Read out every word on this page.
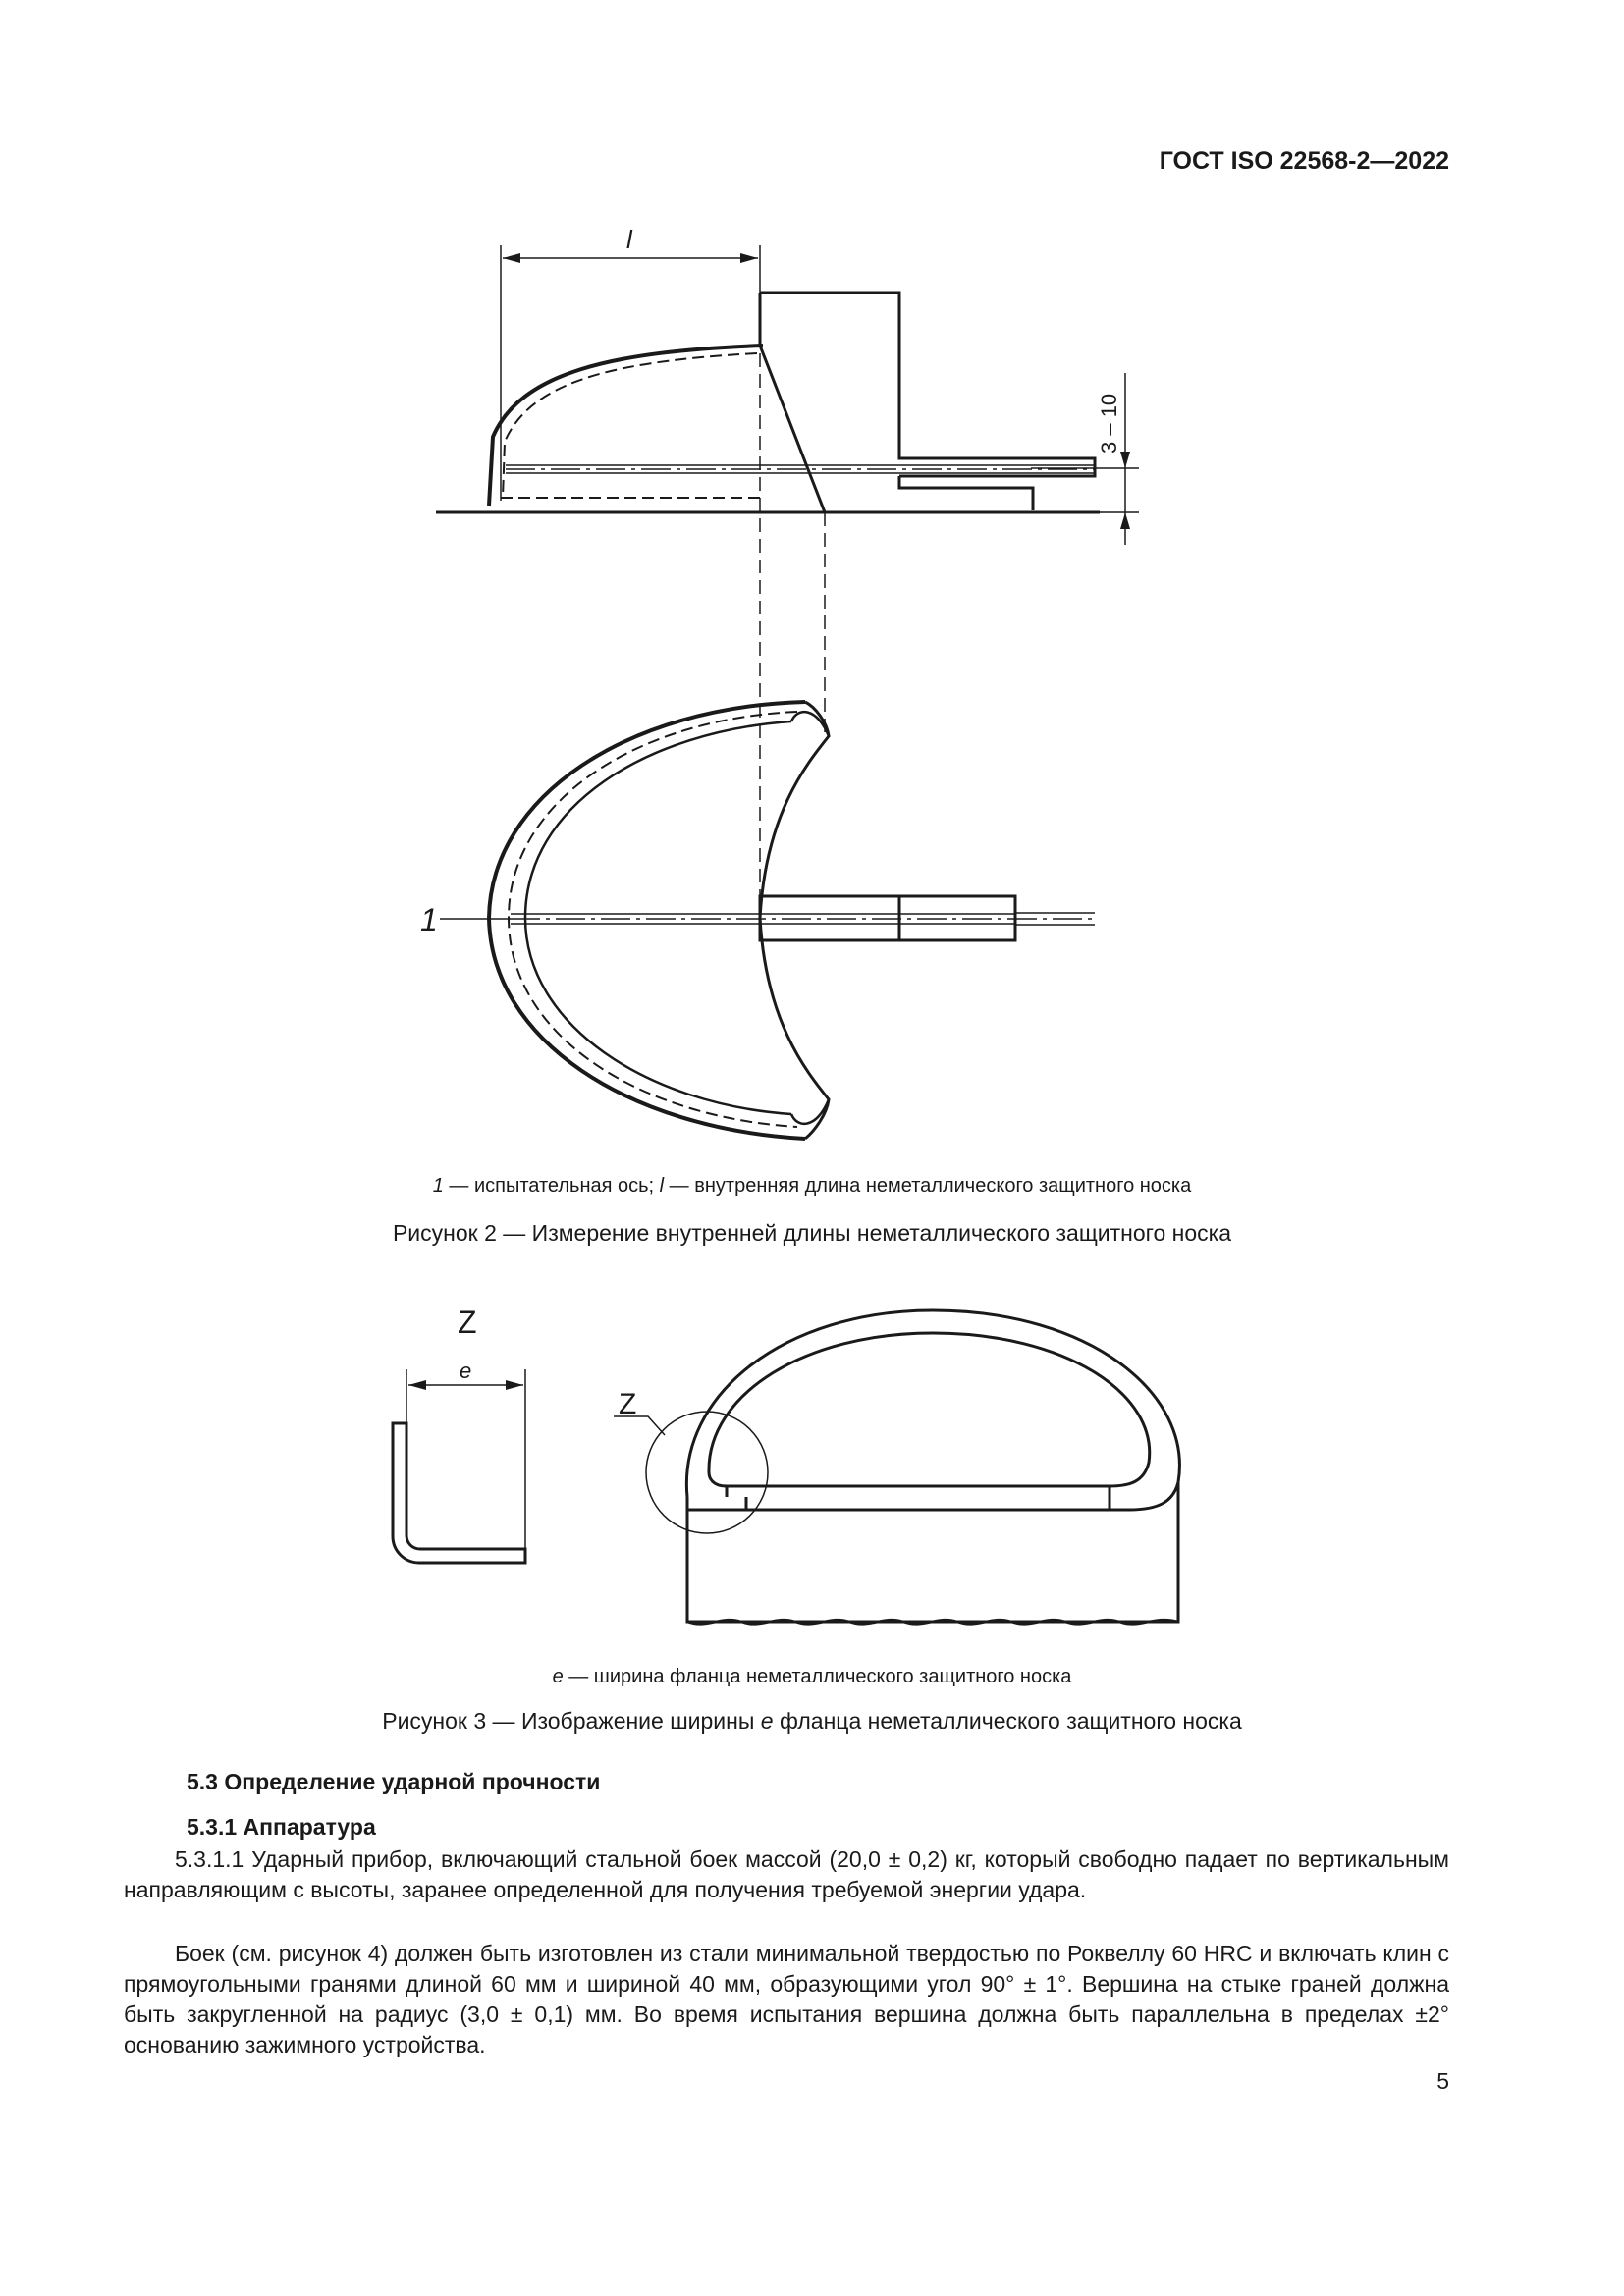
ГОСТ ISO 22568-2—2022
l
3 – 10
1
1 — испытательная ось; l — внутренняя длина неметаллического защитного носка
Рисунок 2 — Измерение внутренней длины неметаллического защитного носка
Z
e
Z
e — ширина фланца неметаллического защитного носка
Рисунок 3 — Изображение ширины e фланца неметаллического защитного носка
5.3 Определение ударной прочности
5.3.1 Аппаратура
5.3.1.1 Ударный прибор, включающий стальной боек массой (20,0 ± 0,2) кг, который свободно падает по вертикальным направляющим с высоты, заранее определенной для получения требуемой энергии удара.
Боек (см. рисунок 4) должен быть изготовлен из стали минимальной твердостью по Роквеллу 60 HRC и включать клин с прямоугольными гранями длиной 60 мм и шириной 40 мм, образующими угол 90° ± 1°. Вершина на стыке граней должна быть закругленной на радиус (3,0 ± 0,1) мм. Во время испытания вершина должна быть параллельна в пределах ±2° основанию зажимного устройства.
5
